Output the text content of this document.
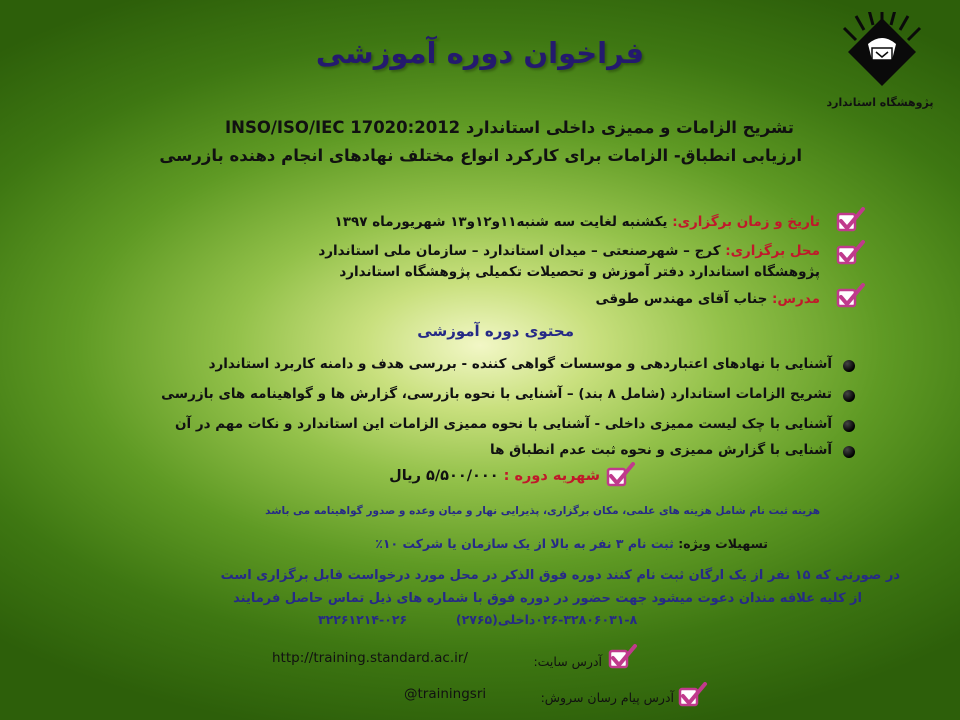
فراخوان دوره آموزشی
پژوهشگاه استاندارد
تشریح الزامات و ممیزی داخلی استاندارد INSO/ISO/IEC 17020:2012
ارزیابی انطباق- الزامات برای کارکرد انواع مختلف نهادهای انجام دهنده بازرسی
تاریخ و زمان برگزاری: یکشنبه لغایت سه شنبه۱۱و۱۲و۱۳ شهریورماه ۱۳۹۷
محل برگزاری: کرج – شهرصنعتی – میدان استاندارد – سازمان ملی استاندارد
پژوهشگاه استاندارد دفتر آموزش و تحصیلات تکمیلی پژوهشگاه استاندارد
مدرس: جناب آقای مهندس طوقی
محتوی دوره آموزشی
آشنایی با نهادهای اعتباردهی و موسسات گواهی کننده - بررسی هدف و دامنه کاربرد استاندارد
تشریح الزامات استاندارد (شامل ۸ بند) – آشنایی با نحوه بازرسی، گزارش ها و گواهینامه های بازرسی
آشنایی با چک لیست ممیزی داخلی - آشنایی با نحوه ممیزی الزامات این استاندارد و نکات مهم در آن
آشنایی با گزارش ممیزی و نحوه ثبت عدم انطباق ها
شهریه دوره : ۵/۵۰۰/۰۰۰ ریال
هزینه ثبت نام شامل هزینه های علمی، مکان برگزاری، پذیرایی نهار و میان وعده و صدور گواهینامه می باشد
تسهیلات ویژه: ثبت نام ۳ نفر به بالا از یک سازمان یا شرکت ۱۰٪
در صورتی که ۱۵ نفر از یک ارگان ثبت نام کنند دوره فوق الذکر در محل مورد درخواست قابل برگزاری است
از کلیه علاقه مندان دعوت میشود جهت حضور در دوره فوق با شماره های ذیل تماس حاصل فرمایند
۰۲۶-۳۲۸۰۶۰۳۱-۸داخلی(۲۷۶۵)  ۰۲۶-۳۲۲۶۱۲۱۴
آدرس سایت:
http://training.standard.ac.ir/
آدرس پیام رسان سروش:
@trainingsri
